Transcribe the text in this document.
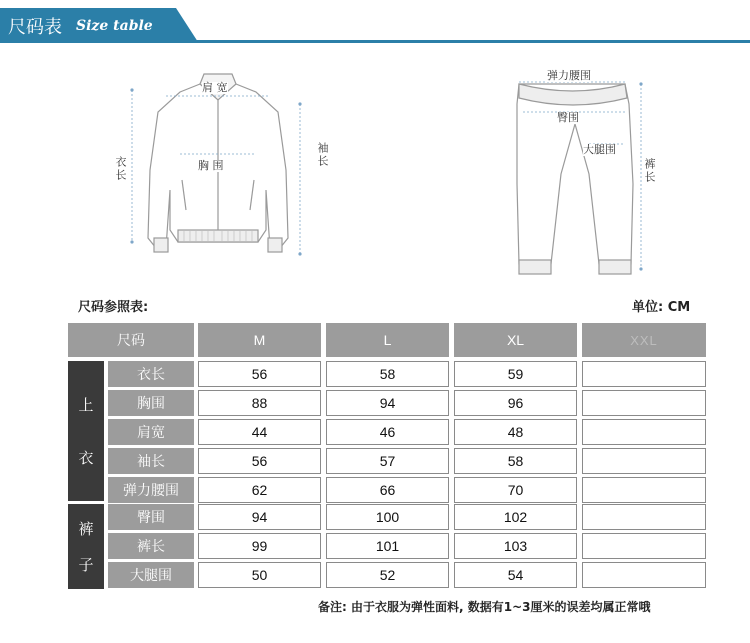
尺码表 Size table
肩 宽
胸 围
衣长
袖长
弹力腰围
臀围
大腿围
裤长
尺码参照表:	单位: CM
尺码	M	L	XL	XXL
上
衣
裤
子
衣长	56	58	59
胸围	88	94	96
肩宽	44	46	48
袖长	56	57	58
弹力腰围	62	66	70
臀围	94	100	102
裤长	99	101	103
大腿围	50	52	54
备注: 由于衣服为弹性面料, 数据有1~3厘米的误差均属正常哦
